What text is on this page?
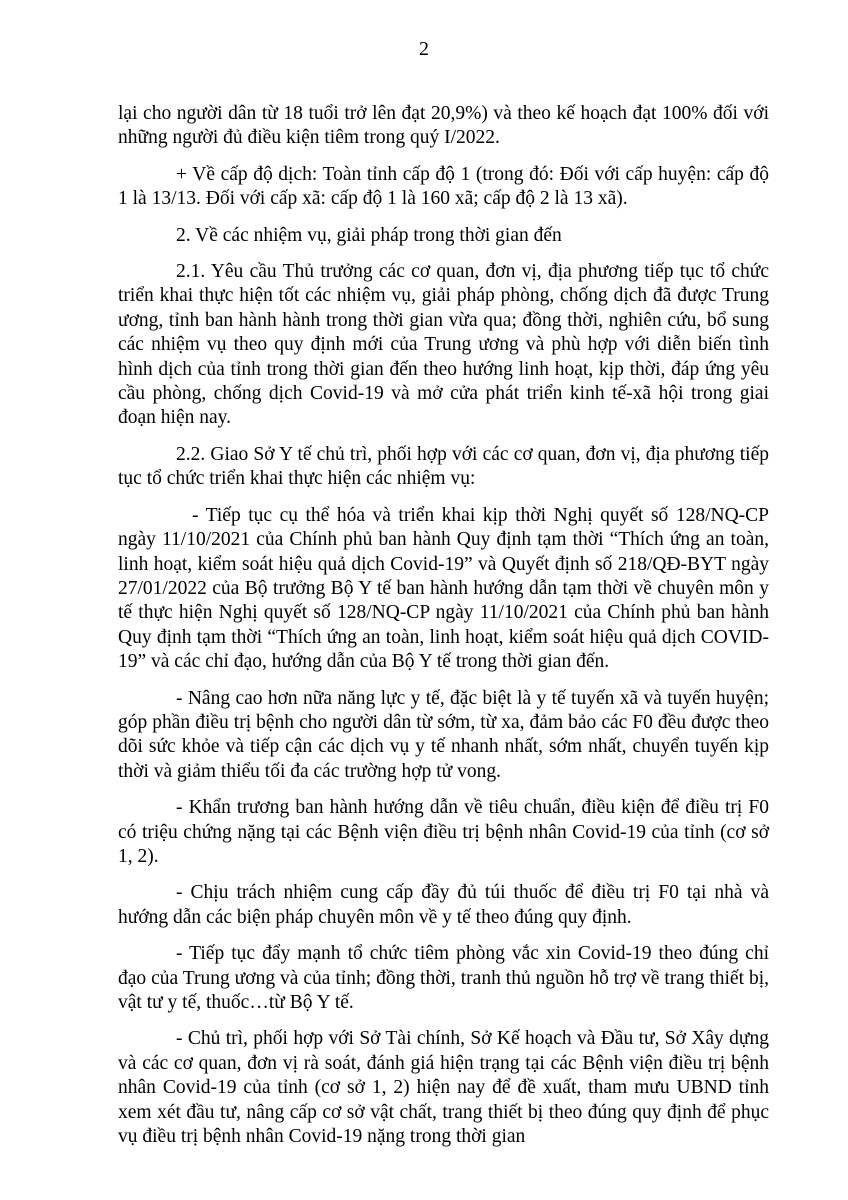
2

lại cho người dân từ 18 tuổi trở lên đạt 20,9%) và theo kế hoạch đạt 100% đối với những người đủ điều kiện tiêm trong quý I/2022.

+ Về cấp độ dịch: Toàn tỉnh cấp độ 1 (trong đó: Đối với cấp huyện: cấp độ 1 là 13/13. Đối với cấp xã: cấp độ 1 là 160 xã; cấp độ 2 là 13 xã).

2. Về các nhiệm vụ, giải pháp trong thời gian đến

2.1. Yêu cầu Thủ trưởng các cơ quan, đơn vị, địa phương tiếp tục tổ chức triển khai thực hiện tốt các nhiệm vụ, giải pháp phòng, chống dịch đã được Trung ương, tỉnh ban hành hành trong thời gian vừa qua; đồng thời, nghiên cứu, bổ sung các nhiệm vụ theo quy định mới của Trung ương và phù hợp với diễn biến tình hình dịch của tỉnh trong thời gian đến theo hướng linh hoạt, kịp thời, đáp ứng yêu cầu phòng, chống dịch Covid-19 và mở cửa phát triển kinh tế-xã hội trong giai đoạn hiện nay.

2.2. Giao Sở Y tế chủ trì, phối hợp với các cơ quan, đơn vị, địa phương tiếp tục tổ chức triển khai thực hiện các nhiệm vụ:

- Tiếp tục cụ thể hóa và triển khai kịp thời Nghị quyết số 128/NQ-CP ngày 11/10/2021 của Chính phủ ban hành Quy định tạm thời “Thích ứng an toàn, linh hoạt, kiểm soát hiệu quả dịch Covid-19” và Quyết định số 218/QĐ-BYT ngày 27/01/2022 của Bộ trưởng Bộ Y tế ban hành hướng dẫn tạm thời về chuyên môn y tế thực hiện Nghị quyết số 128/NQ-CP ngày 11/10/2021 của Chính phủ ban hành Quy định tạm thời “Thích ứng an toàn, linh hoạt, kiểm soát hiệu quả dịch COVID-19” và các chỉ đạo, hướng dẫn của Bộ Y tế trong thời gian đến.

- Nâng cao hơn nữa năng lực y tế, đặc biệt là y tế tuyến xã và tuyến huyện; góp phần điều trị bệnh cho người dân từ sớm, từ xa, đảm bảo các F0 đều được theo dõi sức khỏe và tiếp cận các dịch vụ y tế nhanh nhất, sớm nhất, chuyển tuyến kịp thời và giảm thiểu tối đa các trường hợp tử vong.

- Khẩn trương ban hành hướng dẫn về tiêu chuẩn, điều kiện để điều trị F0 có triệu chứng nặng tại các Bệnh viện điều trị bệnh nhân Covid-19 của tỉnh (cơ sở 1, 2).

- Chịu trách nhiệm cung cấp đầy đủ túi thuốc để điều trị F0 tại nhà và hướng dẫn các biện pháp chuyên môn về y tế theo đúng quy định.

- Tiếp tục đẩy mạnh tổ chức tiêm phòng vắc xin Covid-19 theo đúng chỉ đạo của Trung ương và của tỉnh; đồng thời, tranh thủ nguồn hỗ trợ về trang thiết bị, vật tư y tế, thuốc…từ Bộ Y tế.

- Chủ trì, phối hợp với Sở Tài chính, Sở Kế hoạch và Đầu tư, Sở Xây dựng và các cơ quan, đơn vị rà soát, đánh giá hiện trạng tại các Bệnh viện điều trị bệnh nhân Covid-19 của tỉnh (cơ sở 1, 2) hiện nay để đề xuất, tham mưu UBND tỉnh xem xét đầu tư, nâng cấp cơ sở vật chất, trang thiết bị theo đúng quy định để phục vụ điều trị bệnh nhân Covid-19 nặng trong thời gian
